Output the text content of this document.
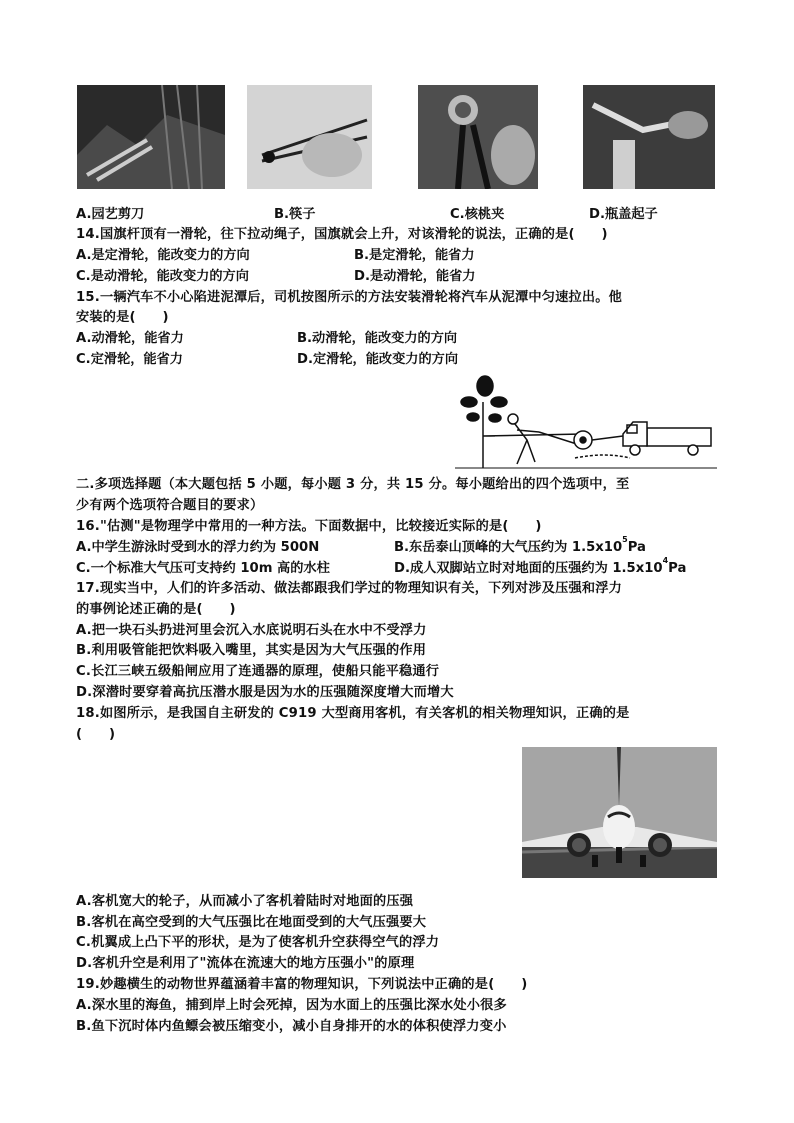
A.园艺剪刀	B.筷子	C.核桃夹	D.瓶盖起子
14.国旗杆顶有一滑轮，往下拉动绳子，国旗就会上升，对该滑轮的说法，正确的是(　　)
A.是定滑轮，能改变力的方向	B.是定滑轮，能省力
C.是动滑轮，能改变力的方向	D.是动滑轮，能省力
15.一辆汽车不小心陷进泥潭后，司机按图所示的方法安装滑轮将汽车从泥潭中匀速拉出。他
安装的是(　　)
A.动滑轮，能省力	B.动滑轮，能改变力的方向
C.定滑轮，能省力	D.定滑轮，能改变力的方向
二.多项选择题（本大题包括 5 小题，每小题 3 分，共 15 分。每小题给出的四个选项中，至
少有两个选项符合题目的要求）
16."估测"是物理学中常用的一种方法。下面数据中，比较接近实际的是(　　)
A.中学生游泳时受到水的浮力约为 500N	B.东岳泰山顶峰的大气压约为 $1.5x10^5Pa$
C.一个标准大气压可支持约 10m 高的水柱	D.成人双脚站立时对地面的压强约为 $1.5x10^4Pa$
17.现实当中，人们的许多活动、做法都跟我们学过的物理知识有关，下列对涉及压强和浮力
的事例论述正确的是(　　)
A.把一块石头扔进河里会沉入水底说明石头在水中不受浮力
B.利用吸管能把饮料吸入嘴里，其实是因为大气压强的作用
C.长江三峡五级船闸应用了连通器的原理，使船只能平稳通行
D.深潜时要穿着高抗压潜水服是因为水的压强随深度增大而增大
18.如图所示，是我国自主研发的 C919 大型商用客机，有关客机的相关物理知识，正确的是
(　　)
A.客机宽大的轮子，从而减小了客机着陆时对地面的压强
B.客机在高空受到的大气压强比在地面受到的大气压强要大
C.机翼成上凸下平的形状，是为了使客机升空获得空气的浮力
D.客机升空是利用了"流体在流速大的地方压强小"的原理
19.妙趣横生的动物世界蕴涵着丰富的物理知识，下列说法中正确的是(　　)
A.深水里的海鱼，捕到岸上时会死掉，因为水面上的压强比深水处小很多
B.鱼下沉时体内鱼鳔会被压缩变小，减小自身排开的水的体积使浮力变小
